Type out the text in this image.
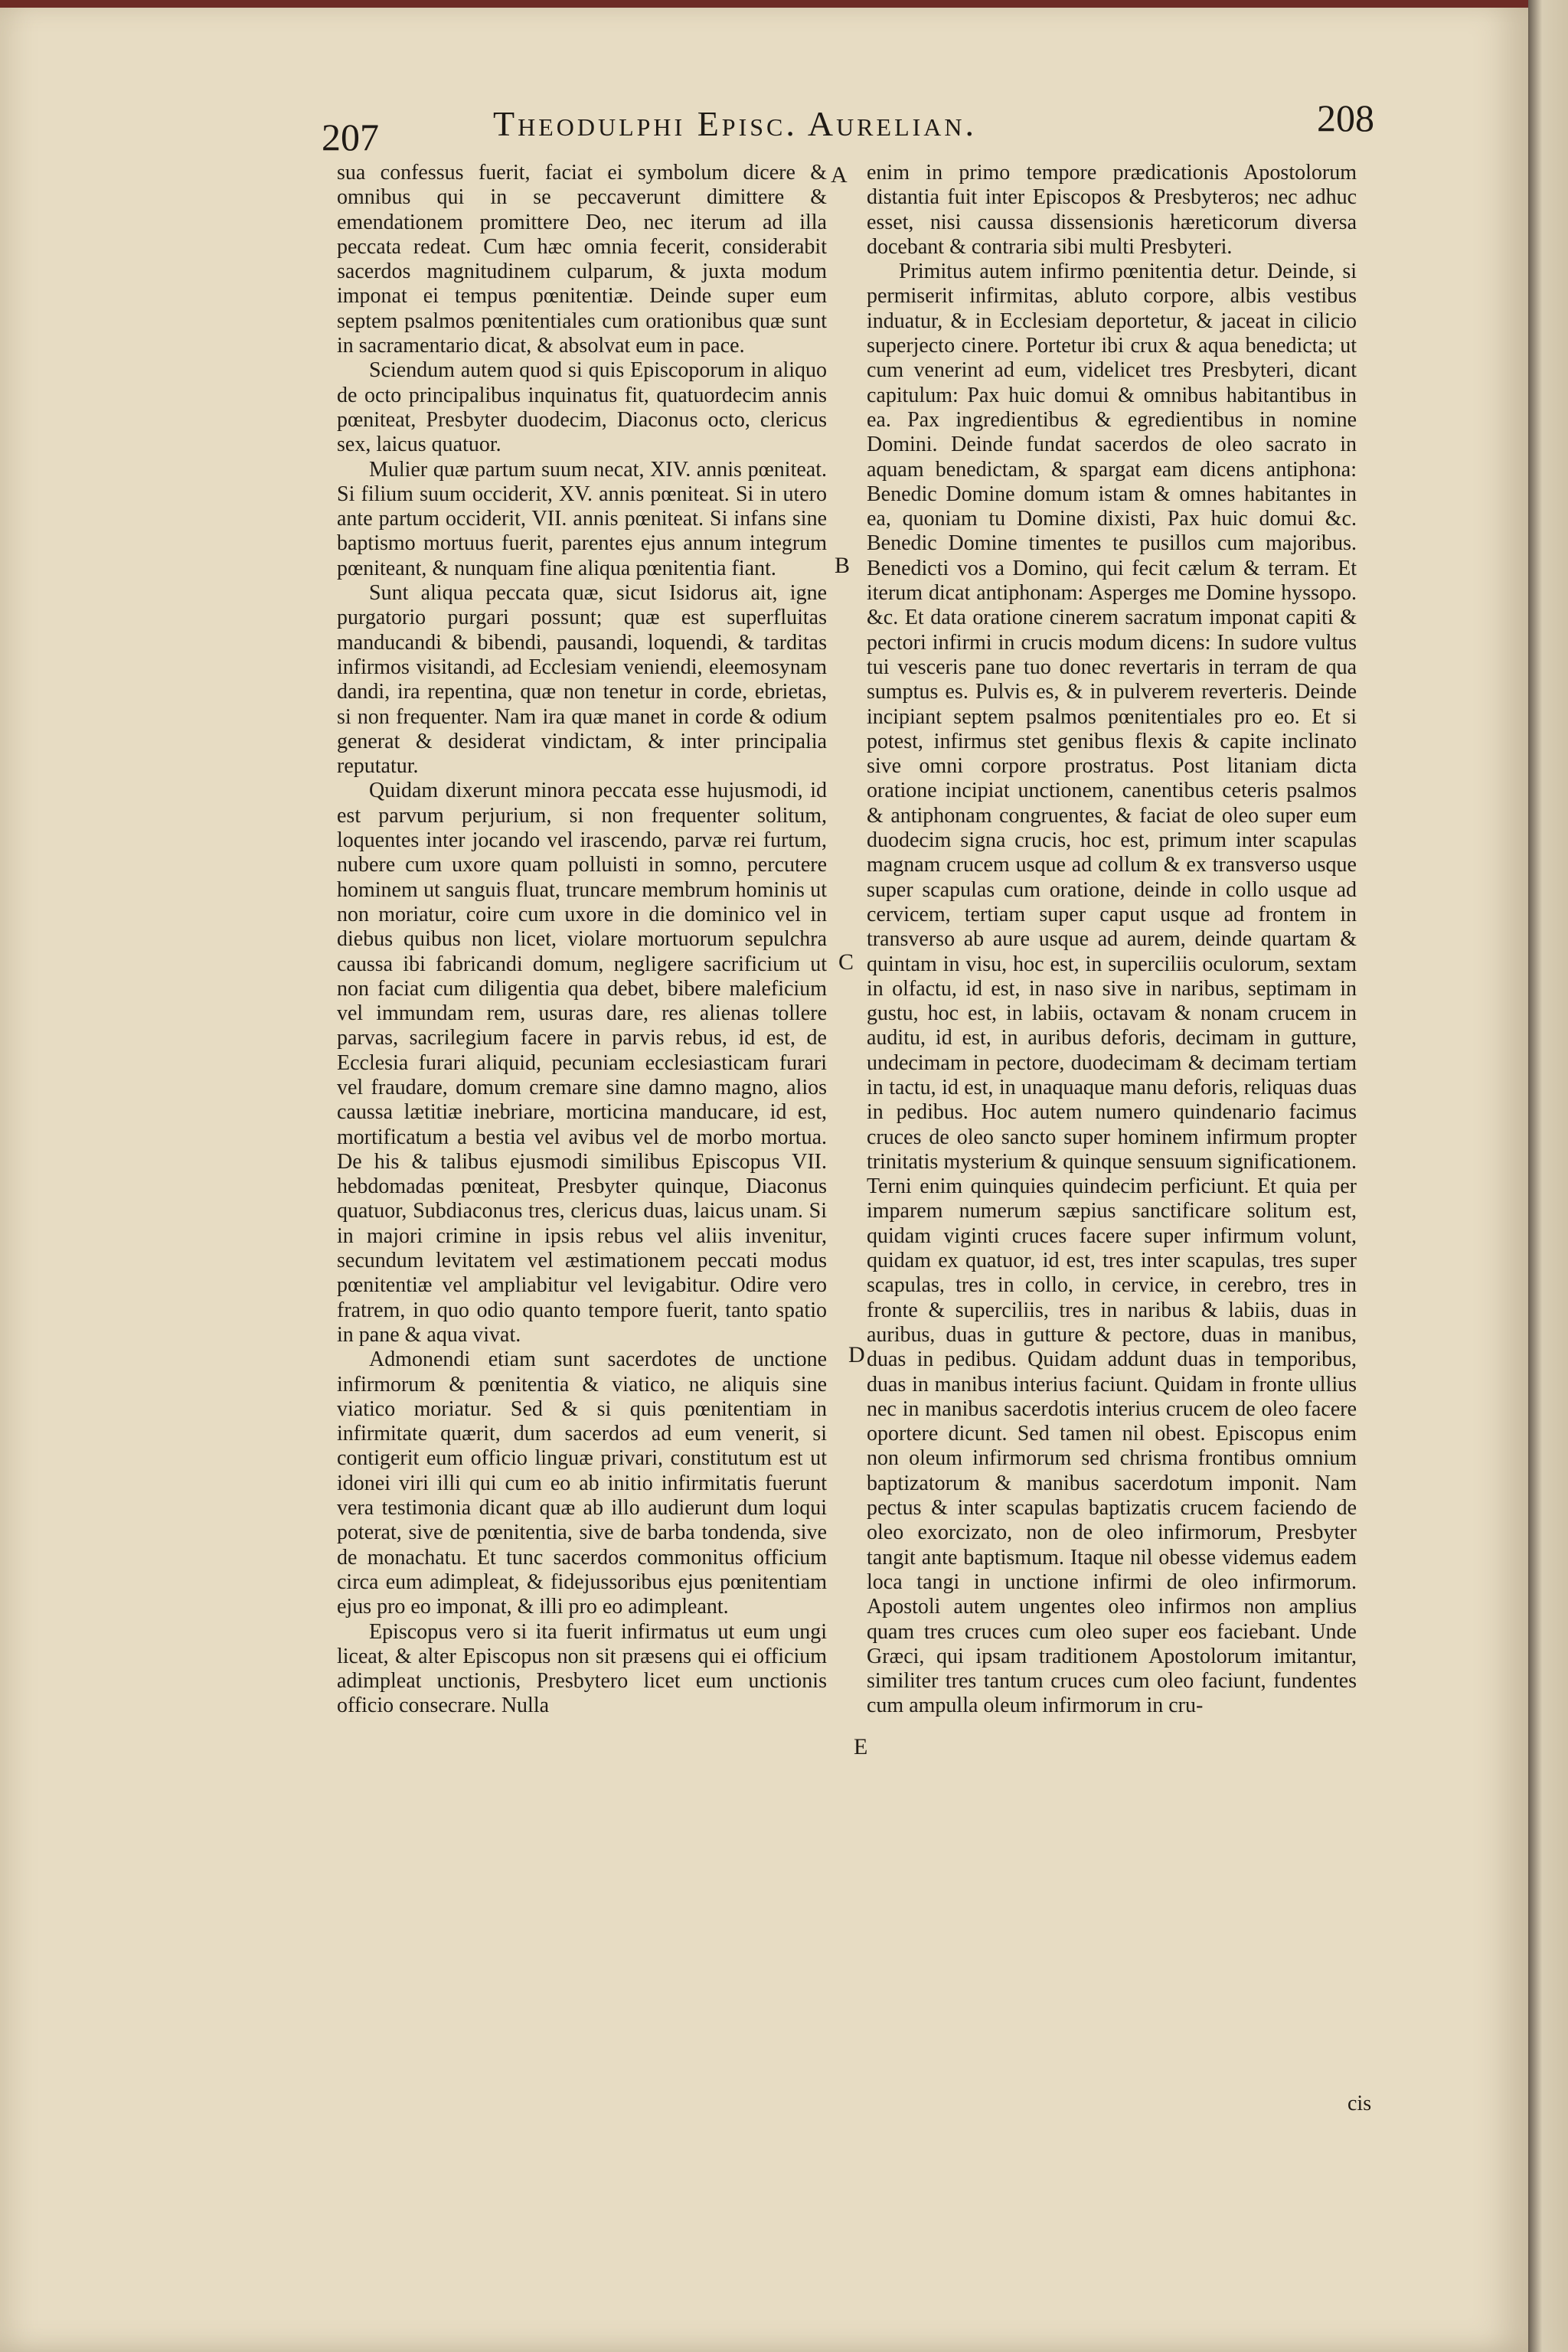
207	Theodulphi Episc. Aurelian.	208

sua confessus fuerit, faciat ei symbolum dicere & omnibus qui in se peccaverunt dimittere & emendationem promittere Deo, nec iterum ad illa peccata redeat. Cum hæc omnia fecerit, considerabit sacerdos magnitudinem culparum, & juxta modum imponat ei tempus pœnitentiæ. Deinde super eum septem psalmos pœnitentiales cum orationibus quæ sunt in sacramentario dicat, & absolvat eum in pace.

Sciendum autem quod si quis Episcoporum in aliquo de octo principalibus inquinatus fit, quatuordecim annis pœniteat, Presbyter duodecim, Diaconus octo, clericus sex, laicus quatuor.

Mulier quæ partum suum necat, XIV. annis pœniteat. Si filium suum occiderit, XV. annis pœniteat. Si in utero ante partum occiderit, VII. annis pœniteat. Si infans sine baptismo mortuus fuerit, parentes ejus annum integrum pœniteant, & nunquam fine aliqua pœnitentia fiant.

Sunt aliqua peccata quæ, sicut Isidorus ait, igne purgatorio purgari possunt; quæ est superfluitas manducandi & bibendi, pausandi, loquendi, & tarditas infirmos visitandi, ad Ecclesiam veniendi, eleemosynam dandi, ira repentina, quæ non tenetur in corde, ebrietas, si non frequenter. Nam ira quæ manet in corde & odium generat & desiderat vindictam, & inter principalia reputatur.

Quidam dixerunt minora peccata esse hujusmodi, id est parvum perjurium, si non frequenter solitum, loquentes inter jocando vel irascendo, parvæ rei furtum, nubere cum uxore quam polluisti in somno, percutere hominem ut sanguis fluat, truncare membrum hominis ut non moriatur, coire cum uxore in die dominico vel in diebus quibus non licet, violare mortuorum sepulchra caussa ibi fabricandi domum, negligere sacrificium ut non faciat cum diligentia qua debet, bibere maleficium vel immundam rem, usuras dare, res alienas tollere parvas, sacrilegium facere in parvis rebus, id est, de Ecclesia furari aliquid, pecuniam ecclesiasticam furari vel fraudare, domum cremare sine damno magno, alios caussa lætitiæ inebriare, morticina manducare, id est, mortificatum a bestia vel avibus vel de morbo mortua. De his & talibus ejusmodi similibus Episcopus VII. hebdomadas pœniteat, Presbyter quinque, Diaconus quatuor, Subdiaconus tres, clericus duas, laicus unam. Si in majori crimine in ipsis rebus vel aliis invenitur, secundum levitatem vel æstimationem peccati modus pœnitentiæ vel ampliabitur vel levigabitur. Odire vero fratrem, in quo odio quanto tempore fuerit, tanto spatio in pane & aqua vivat.

Admonendi etiam sunt sacerdotes de unctione infirmorum & pœnitentia & viatico, ne aliquis sine viatico moriatur. Sed & si quis pœnitentiam in infirmitate quærit, dum sacerdos ad eum venerit, si contigerit eum officio linguæ privari, constitutum est ut idonei viri illi qui cum eo ab initio infirmitatis fuerunt vera testimonia dicant quæ ab illo audierunt dum loqui poterat, sive de pœnitentia, sive de barba tondenda, sive de monachatu. Et tunc sacerdos commonitus officium circa eum adimpleat, & fidejussoribus ejus pœnitentiam ejus pro eo imponat, & illi pro eo adimpleant.

Episcopus vero si ita fuerit infirmatus ut eum ungi liceat, & alter Episcopus non sit præsens qui ei officium adimpleat unctionis, Presbytero licet eum unctionis officio consecrare. Nulla

A
B
C
D
E

enim in primo tempore prædicationis Apostolorum distantia fuit inter Episcopos & Presbyteros; nec adhuc esset, nisi caussa dissensionis hæreticorum diversa docebant & contraria sibi multi Presbyteri.

Primitus autem infirmo pœnitentia detur. Deinde, si permiserit infirmitas, abluto corpore, albis vestibus induatur, & in Ecclesiam deportetur, & jaceat in cilicio superjecto cinere. Portetur ibi crux & aqua benedicta; ut cum venerint ad eum, videlicet tres Presbyteri, dicant capitulum: Pax huic domui & omnibus habitantibus in ea. Pax ingredientibus & egredientibus in nomine Domini. Deinde fundat sacerdos de oleo sacrato in aquam benedictam, & spargat eam dicens antiphona: Benedic Domine domum istam & omnes habitantes in ea, quoniam tu Domine dixisti, Pax huic domui &c. Benedic Domine timentes te pusillos cum majoribus. Benedicti vos a Domino, qui fecit cælum & terram. Et iterum dicat antiphonam: Asperges me Domine hyssopo. &c. Et data oratione cinerem sacratum imponat capiti & pectori infirmi in crucis modum dicens: In sudore vultus tui vesceris pane tuo donec revertaris in terram de qua sumptus es. Pulvis es, & in pulverem reverteris. Deinde incipiant septem psalmos pœnitentiales pro eo. Et si potest, infirmus stet genibus flexis & capite inclinato sive omni corpore prostratus. Post litaniam dicta oratione incipiat unctionem, canentibus ceteris psalmos & antiphonam congruentes, & faciat de oleo super eum duodecim signa crucis, hoc est, primum inter scapulas magnam crucem usque ad collum & ex transverso usque super scapulas cum oratione, deinde in collo usque ad cervicem, tertiam super caput usque ad frontem in transverso ab aure usque ad aurem, deinde quartam & quintam in visu, hoc est, in superciliis oculorum, sextam in olfactu, id est, in naso sive in naribus, septimam in gustu, hoc est, in labiis, octavam & nonam crucem in auditu, id est, in auribus deforis, decimam in gutture, undecimam in pectore, duodecimam & decimam tertiam in tactu, id est, in unaquaque manu deforis, reliquas duas in pedibus. Hoc autem numero quindenario facimus cruces de oleo sancto super hominem infirmum propter trinitatis mysterium & quinque sensuum significationem. Terni enim quinquies quindecim perficiunt. Et quia per imparem numerum sæpius sanctificare solitum est, quidam viginti cruces facere super infirmum volunt, quidam ex quatuor, id est, tres inter scapulas, tres super scapulas, tres in collo, in cervice, in cerebro, tres in fronte & superciliis, tres in naribus & labiis, duas in auribus, duas in gutture & pectore, duas in manibus, duas in pedibus. Quidam addunt duas in temporibus, duas in manibus interius faciunt. Quidam in fronte ullius nec in manibus sacerdotis interius crucem de oleo facere oportere dicunt. Sed tamen nil obest. Episcopus enim non oleum infirmorum sed chrisma frontibus omnium baptizatorum & manibus sacerdotum imponit. Nam pectus & inter scapulas baptizatis crucem faciendo de oleo exorcizato, non de oleo infirmorum, Presbyter tangit ante baptismum. Itaque nil obesse videmus eadem loca tangi in unctione infirmi de oleo infirmorum. Apostoli autem ungentes oleo infirmos non amplius quam tres cruces cum oleo super eos faciebant. Unde Græci, qui ipsam traditionem Apostolorum imitantur, similiter tres tantum cruces cum oleo faciunt, fundentes cum ampulla oleum infirmorum in cru-

cis
